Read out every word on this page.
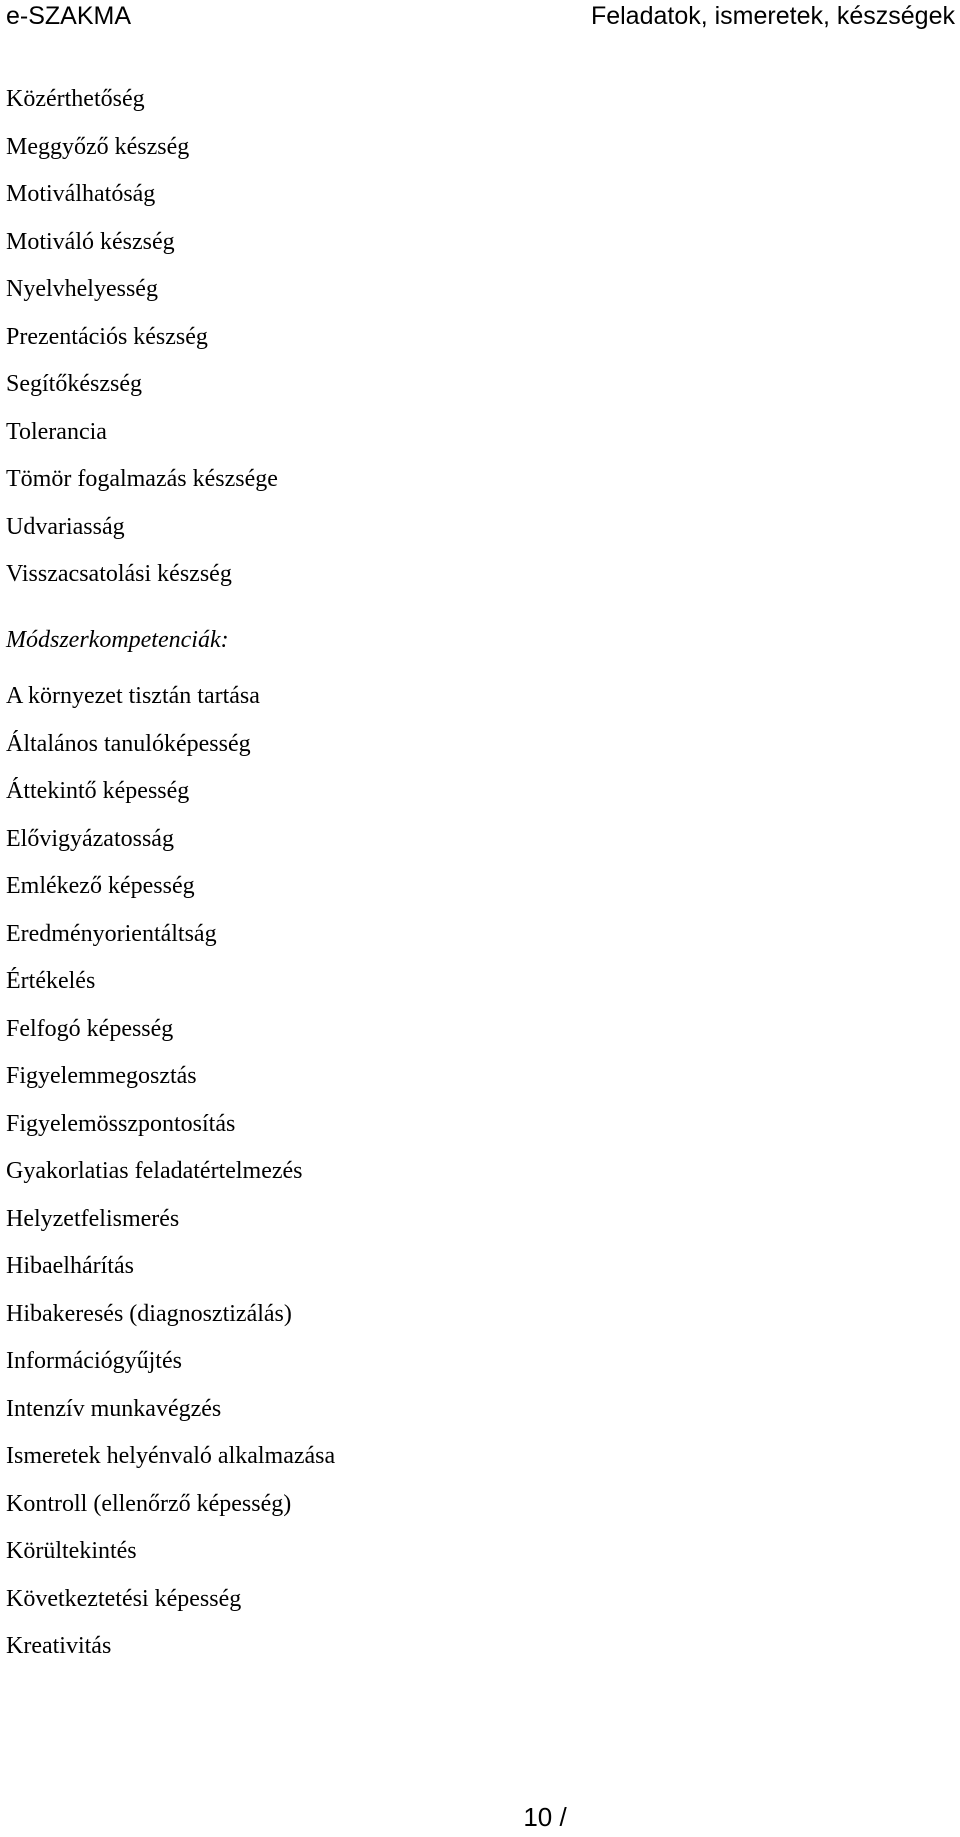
e-SZAKMA	Feladatok, ismeretek, készségek
Közérthetőség
Meggyőző készség
Motiválhatóság
Motiváló készség
Nyelvhelyesség
Prezentációs készség
Segítőkészség
Tolerancia
Tömör fogalmazás készsége
Udvariasság
Visszacsatolási készség
Módszerkompetenciák:
A környezet tisztán tartása
Általános tanulóképesség
Áttekintő képesség
Elővigyázatosság
Emlékező képesség
Eredményorientáltság
Értékelés
Felfogó képesség
Figyelemmegosztás
Figyelemösszpontosítás
Gyakorlatias feladatértelmezés
Helyzetfelismerés
Hibaelhárítás
Hibakeresés (diagnosztizálás)
Információgyűjtés
Intenzív munkavégzés
Ismeretek helyénvaló alkalmazása
Kontroll (ellenőrző képesség)
Körültekintés
Következtetési képesség
Kreativitás
10 /
